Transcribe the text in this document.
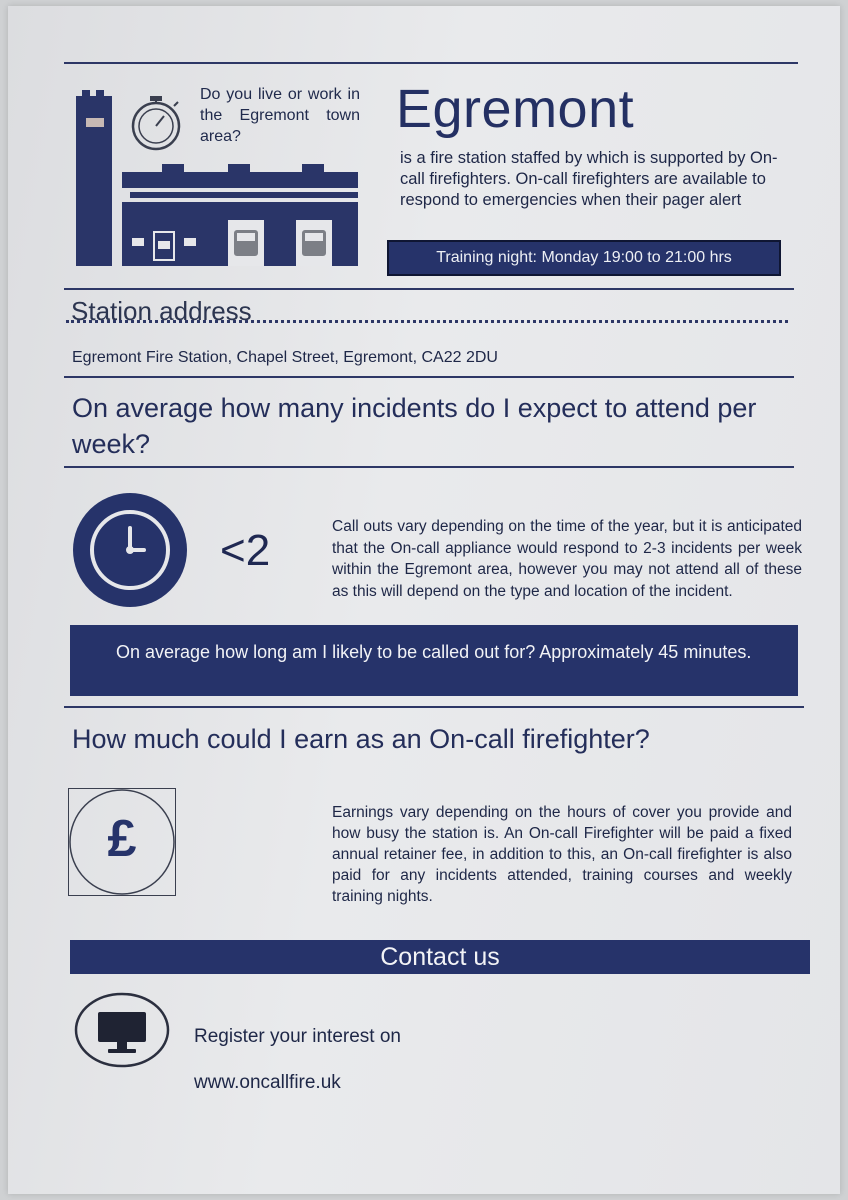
Do you live or work in the Egremont town area?	Egremont
is a fire station staffed by which is supported by On-call firefighters. On-call firefighters are available to respond to emergencies when their pager alert
Training night: Monday 19:00 to 21:00 hrs
Station address
Egremont Fire Station, Chapel Street, Egremont, CA22 2DU
On average how many incidents do I expect to attend per week?
<2	Call outs vary depending on the time of the year, but it is anticipated that the On-call appliance would respond to 2-3 incidents per week within the Egremont area, however you may not attend all of these as this will depend on the type and location of the incident.
On average how long am I likely to be called out for? Approximately 45 minutes.
How much could I earn as an On-call firefighter?
£	Earnings vary depending on the hours of cover you provide and how busy the station is. An On-call Firefighter will be paid a fixed annual retainer fee, in addition to this, an On-call firefighter is also paid for any incidents attended, training courses and weekly training nights.
Contact us
Register your interest on
www.oncallfire.uk
